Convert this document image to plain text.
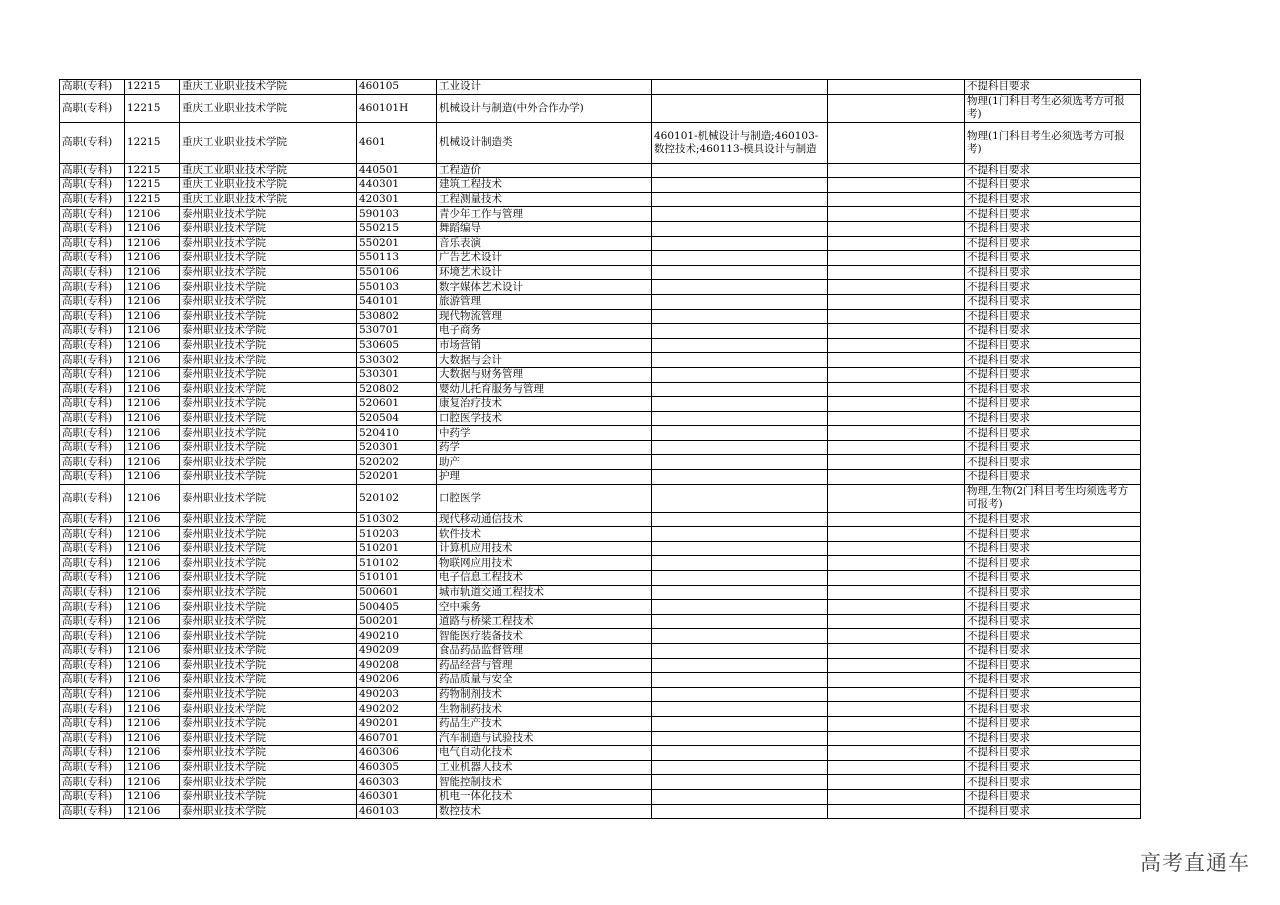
高职(专科)	12215	重庆工业职业技术学院	460105	工业设计			不提科目要求
高职(专科)	12215	重庆工业职业技术学院	460101H	机械设计与制造(中外合作办学)			物理(1门科目考生必须选考方可报考)
高职(专科)	12215	重庆工业职业技术学院	4601	机械设计制造类	460101-机械设计与制造;460103-数控技术;460113-模具设计与制造		物理(1门科目考生必须选考方可报考)
高职(专科)	12215	重庆工业职业技术学院	440501	工程造价			不提科目要求
高职(专科)	12215	重庆工业职业技术学院	440301	建筑工程技术			不提科目要求
高职(专科)	12215	重庆工业职业技术学院	420301	工程测量技术			不提科目要求
高职(专科)	12106	泰州职业技术学院	590103	青少年工作与管理			不提科目要求
高职(专科)	12106	泰州职业技术学院	550215	舞蹈编导			不提科目要求
高职(专科)	12106	泰州职业技术学院	550201	音乐表演			不提科目要求
高职(专科)	12106	泰州职业技术学院	550113	广告艺术设计			不提科目要求
高职(专科)	12106	泰州职业技术学院	550106	环境艺术设计			不提科目要求
高职(专科)	12106	泰州职业技术学院	550103	数字媒体艺术设计			不提科目要求
高职(专科)	12106	泰州职业技术学院	540101	旅游管理			不提科目要求
高职(专科)	12106	泰州职业技术学院	530802	现代物流管理			不提科目要求
高职(专科)	12106	泰州职业技术学院	530701	电子商务			不提科目要求
高职(专科)	12106	泰州职业技术学院	530605	市场营销			不提科目要求
高职(专科)	12106	泰州职业技术学院	530302	大数据与会计			不提科目要求
高职(专科)	12106	泰州职业技术学院	530301	大数据与财务管理			不提科目要求
高职(专科)	12106	泰州职业技术学院	520802	婴幼儿托育服务与管理			不提科目要求
高职(专科)	12106	泰州职业技术学院	520601	康复治疗技术			不提科目要求
高职(专科)	12106	泰州职业技术学院	520504	口腔医学技术			不提科目要求
高职(专科)	12106	泰州职业技术学院	520410	中药学			不提科目要求
高职(专科)	12106	泰州职业技术学院	520301	药学			不提科目要求
高职(专科)	12106	泰州职业技术学院	520202	助产			不提科目要求
高职(专科)	12106	泰州职业技术学院	520201	护理			不提科目要求
高职(专科)	12106	泰州职业技术学院	520102	口腔医学			物理,生物(2门科目考生均须选考方可报考)
高职(专科)	12106	泰州职业技术学院	510302	现代移动通信技术			不提科目要求
高职(专科)	12106	泰州职业技术学院	510203	软件技术			不提科目要求
高职(专科)	12106	泰州职业技术学院	510201	计算机应用技术			不提科目要求
高职(专科)	12106	泰州职业技术学院	510102	物联网应用技术			不提科目要求
高职(专科)	12106	泰州职业技术学院	510101	电子信息工程技术			不提科目要求
高职(专科)	12106	泰州职业技术学院	500601	城市轨道交通工程技术			不提科目要求
高职(专科)	12106	泰州职业技术学院	500405	空中乘务			不提科目要求
高职(专科)	12106	泰州职业技术学院	500201	道路与桥梁工程技术			不提科目要求
高职(专科)	12106	泰州职业技术学院	490210	智能医疗装备技术			不提科目要求
高职(专科)	12106	泰州职业技术学院	490209	食品药品监督管理			不提科目要求
高职(专科)	12106	泰州职业技术学院	490208	药品经营与管理			不提科目要求
高职(专科)	12106	泰州职业技术学院	490206	药品质量与安全			不提科目要求
高职(专科)	12106	泰州职业技术学院	490203	药物制剂技术			不提科目要求
高职(专科)	12106	泰州职业技术学院	490202	生物制药技术			不提科目要求
高职(专科)	12106	泰州职业技术学院	490201	药品生产技术			不提科目要求
高职(专科)	12106	泰州职业技术学院	460701	汽车制造与试验技术			不提科目要求
高职(专科)	12106	泰州职业技术学院	460306	电气自动化技术			不提科目要求
高职(专科)	12106	泰州职业技术学院	460305	工业机器人技术			不提科目要求
高职(专科)	12106	泰州职业技术学院	460303	智能控制技术			不提科目要求
高职(专科)	12106	泰州职业技术学院	460301	机电一体化技术			不提科目要求
高职(专科)	12106	泰州职业技术学院	460103	数控技术			不提科目要求
高考直通车
